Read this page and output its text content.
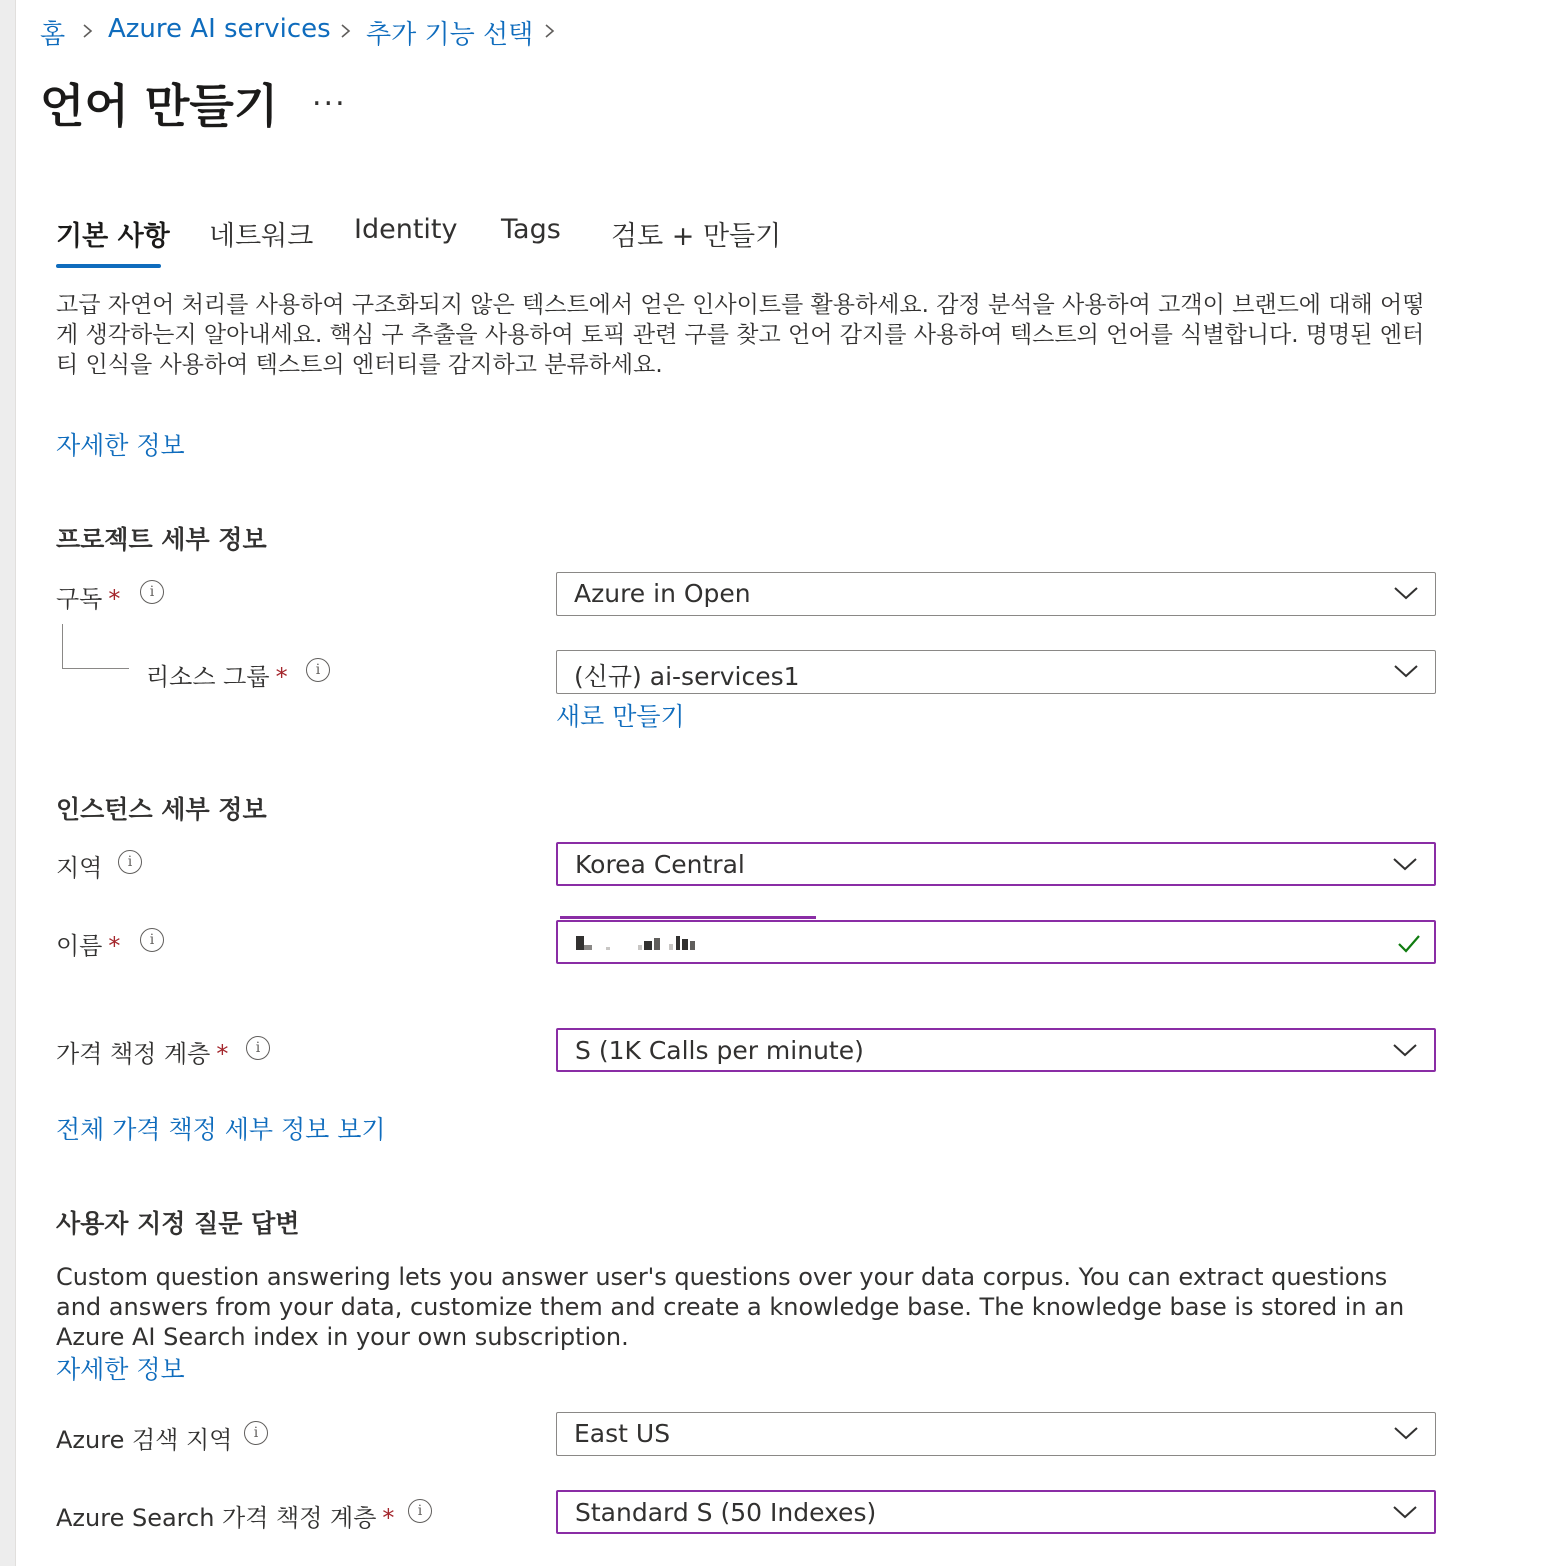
홈 Azure AI services 추가 기능 선택
언어 만들기 ...
기본 사항 네트워크 Identity Tags 검토 + 만들기
고급 자연어 처리를 사용하여 구조화되지 않은 텍스트에서 얻은 인사이트를 활용하세요. 감정 분석을 사용하여 고객이 브랜드에 대해 어떻게 생각하는지 알아내세요. 핵심 구 추출을 사용하여 토픽 관련 구를 찾고 언어 감지를 사용하여 텍스트의 언어를 식별합니다. 명명된 엔터티 인식을 사용하여 텍스트의 엔터티를 감지하고 분류하세요.
자세한 정보
프로젝트 세부 정보
구독 *	i	Azure in Open
리소스 그룹 *	i	(신규) ai-services1
새로 만들기
인스턴스 세부 정보
지역	i	Korea Central
이름 *	i
가격 책정 계층 *	i	S (1K Calls per minute)
전체 가격 책정 세부 정보 보기
사용자 지정 질문 답변
Custom question answering lets you answer user's questions over your data corpus. You can extract questions and answers from your data, customize them and create a knowledge base. The knowledge base is stored in an Azure AI Search index in your own subscription.
자세한 정보
Azure 검색 지역	i	East US
Azure Search 가격 책정 계층 *	i	Standard S (50 Indexes)
